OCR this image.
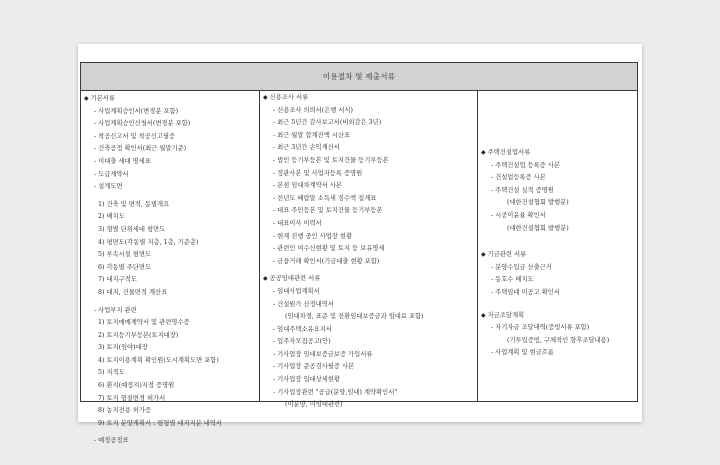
이용절차 및 제출서류
◆ 기본서류
- 사업계획승인서(변경분 포함)
- 사업계획승인신청서(변경분 포함)
- 착공신고서 및 착공신고필증
- 건축공정 확인서(최근 월말기준)
- 미대출 세대 명세표
- 도급계약서
- 설계도면
1) 건축 및 면적, 동별개요
2) 배치도
3) 형별 단위세대 평면도
4) 평면도(각동별 지층, 1층, 기준층)
5) 부속시설 평면도
6) 각동별 주단면도
7) 대지구적도
8) 대지, 건물면적 계산표
- 사업부지 관련
1) 토지매매계약서 및 관련영수증
2) 토지등기부등본(토지대장)
3) 토지(임야)대장
4) 토지이용계획 확인원(도시계획도면 포함)
5) 지적도
6) 환지(예정지)지정 증명원
7) 토지 형질변경 허가서
8) 농지전용 허가증
9) 토지 분양계획서 : 평형별 대지지분 내역서
- 예정공정표
◆ 신용조사 서류
- 신용조사 의뢰서(은행 서식)
- 최근 5년간 감사보고서(비외감은 3년)
- 최근 월말 합계잔액 시산표
- 최근 3년간 손익계산서
- 법인 등기부등본 및 토지건물 등기부등본
- 정관사본 및 사업자등록 증명원
- 본점 임대차계약서 사본
- 전년도 배람말 소득세 징수액 집계표
- 대표 주민등본 및 토지건물 등기부등본
- 대표이사 이력서
- 현재 진행 중인 사업장 현황
- 관련인 여수신현황 및 토지 등 보유명세
- 금융거래 확인서(기금대출 현황 포함)
◆ 공공임대관련 서류
- 임대사업계획서
- 건설원가 산정내역서
(임대차경, 표준 및 전환임대보증금과 임대료 포함)
- 임대주택소유요지서
- 입주자모집공고(안)
- 기사업장 임대보증금보증 가입서류
- 기사업장 준공검사필증 사본
- 기사업장 입대상세현황
- 기사업장관련 "공급(분양,임대) 계약확인서"
(미분양, 미임대관련)
◆ 주택건설업서류
- 주택건설업 등록증 사본
- 건설업등록증 사본
- 주택건설 실적 증명원
(대한건설협회 발행분)
- 시공이윤율 확인서
(대한건설협회 발행분)
◆ 기금관련 서류
- 분양수입금 산출근거
- 동호수 배치도
- 주택임대 미공고 확인서
◆ 자금조달계획
- 자기자금 조달내역(증빙서류 포함)
(기투입증빙, 구체적인 향후조달내용)
- 사업계획 및 현금흐름
